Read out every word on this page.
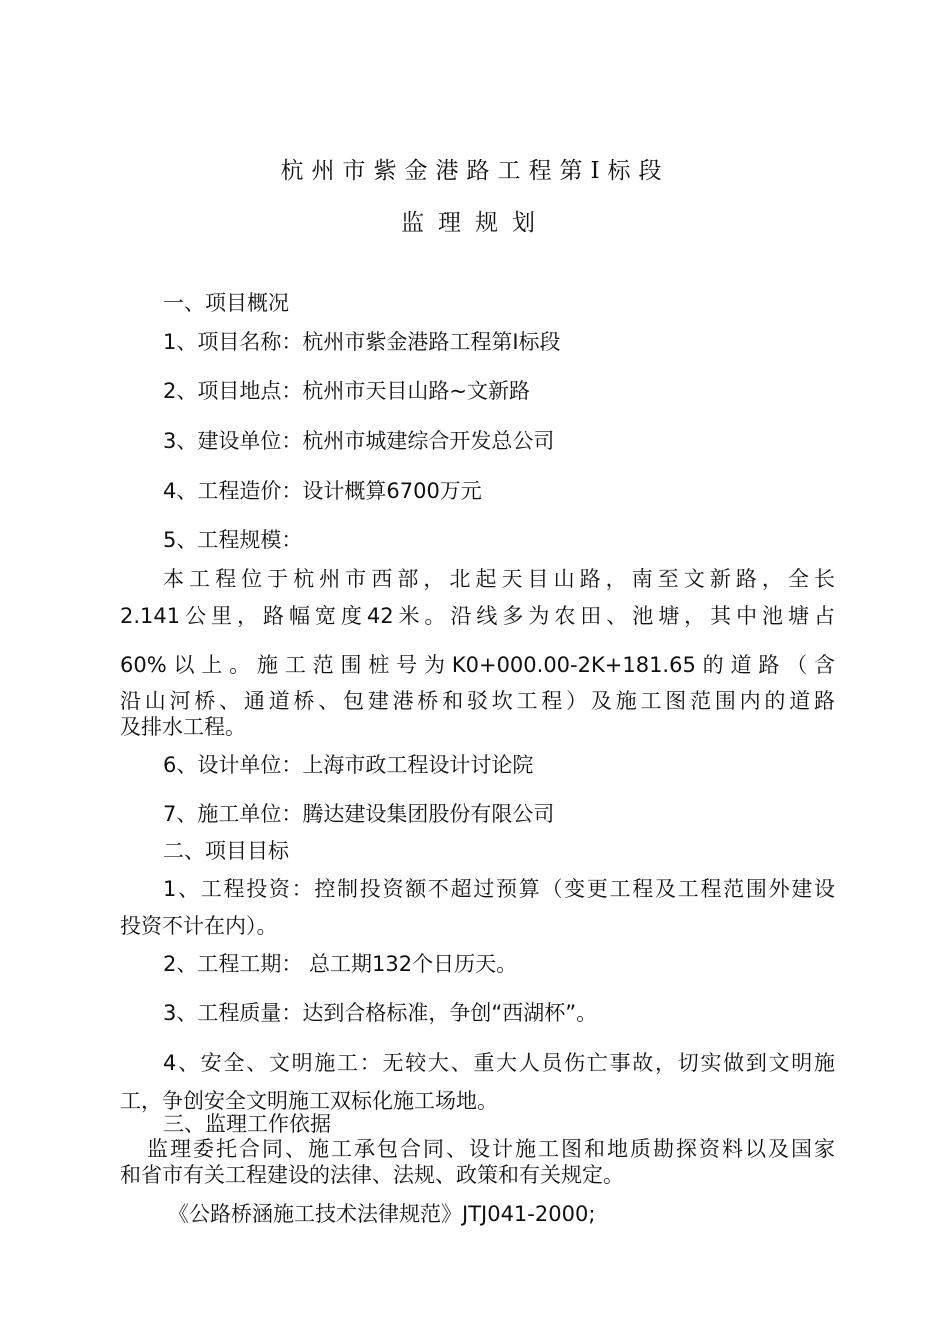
杭州市紫金港路工程第Ⅰ标段
监理规划
一、项目概况
1、项目名称：杭州市紫金港路工程第Ⅰ标段
2、项目地点：杭州市天目山路~文新路
3、建设单位：杭州市城建综合开发总公司
4、工程造价：设计概算6700万元
5、工程规模：
本工程位于杭州市西部，北起天目山路，南至文新路，全长
2.141公里，路幅宽度42米。沿线多为农田、池塘，其中池塘占
60%以上。施工范围桩号为K0+000.00-2K+181.65的道路（含
沿山河桥、通道桥、包建港桥和驳坎工程）及施工图范围内的道路
及排水工程。
6、设计单位：上海市政工程设计讨论院
7、施工单位：腾达建设集团股份有限公司
二、项目目标
1、工程投资：控制投资额不超过预算（变更工程及工程范围外建设
投资不计在内）。
2、工程工期： 总工期132个日历天。
3、工程质量：达到合格标准，争创“西湖杯”。
4、安全、文明施工：无较大、重大人员伤亡事故，切实做到文明施
工，争创安全文明施工双标化施工场地。
三、监理工作依据
监理委托合同、施工承包合同、设计施工图和地质勘探资料以及国家
和省市有关工程建设的法律、法规、政策和有关规定。
《公路桥涵施工技术法律规范》JTJ041-2000;
